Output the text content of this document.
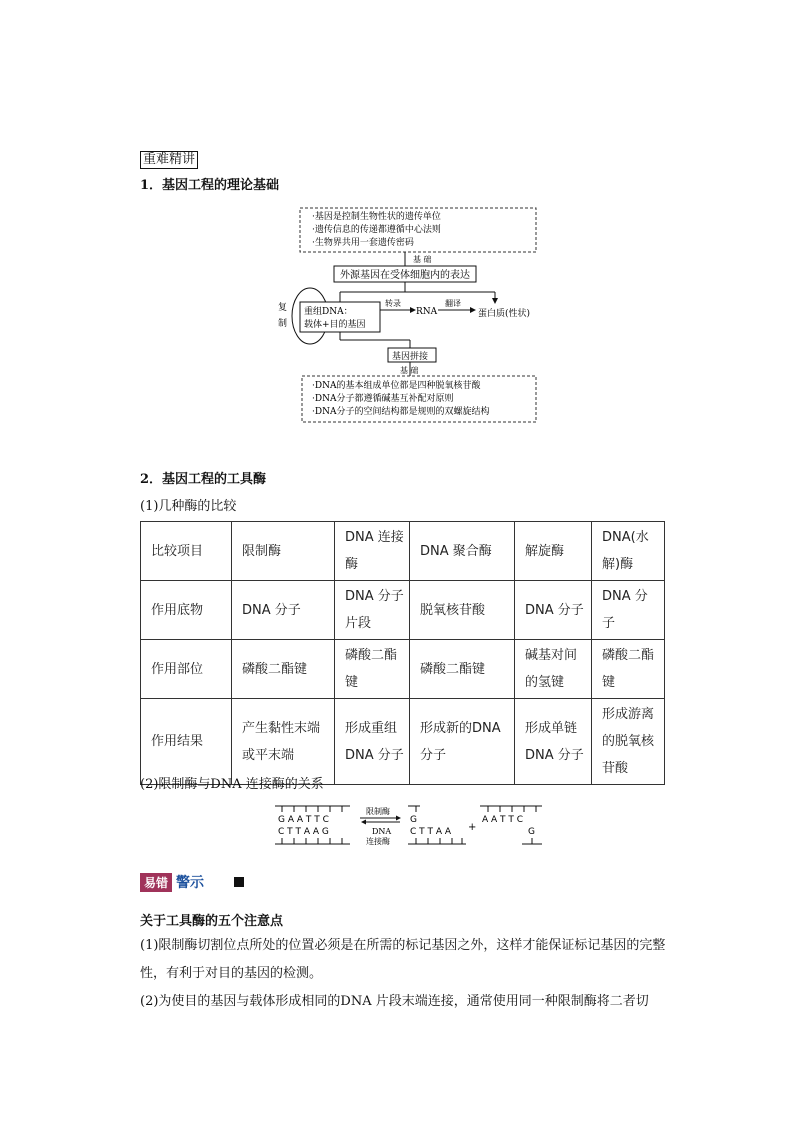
重难精讲
1．基因工程的理论基础
·基因是控制生物性状的遗传单位
·遗传信息的传递都遵循中心法则
·生物界共用一套遗传密码
基 础
外源基因在受体细胞内的表达
复
制
重组DNA：
载体+目的基因
转录
RNA
翻译
蛋白质(性状)
基因拼接
基 础
·DNA的基本组成单位都是四种脱氧核苷酸
·DNA分子都遵循碱基互补配对原则
·DNA分子的空间结构都是规则的双螺旋结构
2．基因工程的工具酶
(1)几种酶的比较
比较项目	限制酶	DNA 连接酶	DNA 聚合酶	解旋酶	DNA(水解)酶
作用底物	DNA 分子	DNA 分子片段	脱氧核苷酸	DNA 分子	DNA 分子
作用部位	磷酸二酯键	磷酸二酯键	磷酸二酯键	碱基对间的氢键	磷酸二酯键
作用结果	产生黏性末端或平末端	形成重组DNA 分子	形成新的DNA 分子	形成单链DNA 分子	形成游离的脱氧核苷酸
(2)限制酶与DNA 连接酶的关系
G A A T T C
C T T A A G
限制酶
DNA
连接酶
G
C T T A A +
A A T T C
G
易错 警示
关于工具酶的五个注意点
(1)限制酶切割位点所处的位置必须是在所需的标记基因之外，这样才能保证标记基因的完整性，有利于对目的基因的检测。
(2)为使目的基因与载体形成相同的DNA 片段末端连接，通常使用同一种限制酶将二者切
